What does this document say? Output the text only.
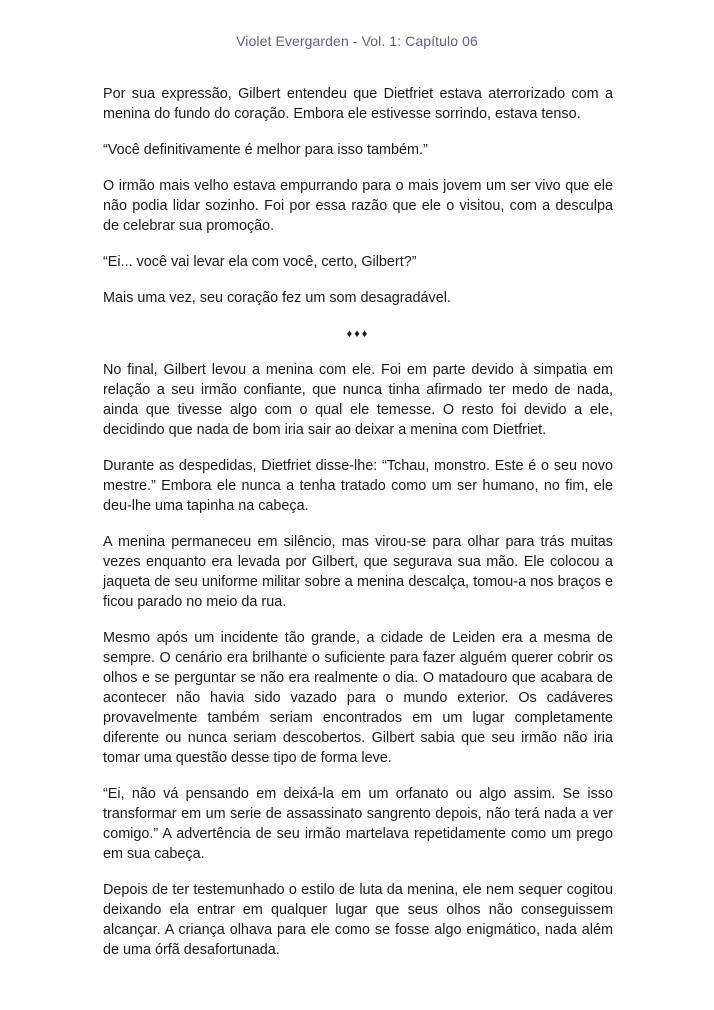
Violet Evergarden - Vol. 1: Capítulo 06

Por sua expressão, Gilbert entendeu que Dietfriet estava aterrorizado com a menina do fundo do coração. Embora ele estivesse sorrindo, estava tenso.

“Você definitivamente é melhor para isso também.”

O irmão mais velho estava empurrando para o mais jovem um ser vivo que ele não podia lidar sozinho. Foi por essa razão que ele o visitou, com a desculpa de celebrar sua promoção.

“Ei... você vai levar ela com você, certo, Gilbert?”

Mais uma vez, seu coração fez um som desagradável.

♦♦♦

No final, Gilbert levou a menina com ele. Foi em parte devido à simpatia em relação a seu irmão confiante, que nunca tinha afirmado ter medo de nada, ainda que tivesse algo com o qual ele temesse. O resto foi devido a ele, decidindo que nada de bom iria sair ao deixar a menina com Dietfriet.

Durante as despedidas, Dietfriet disse-lhe: “Tchau, monstro. Este é o seu novo mestre.” Embora ele nunca a tenha tratado como um ser humano, no fim, ele deu-lhe uma tapinha na cabeça.

A menina permaneceu em silêncio, mas virou-se para olhar para trás muitas vezes enquanto era levada por Gilbert, que segurava sua mão. Ele colocou a jaqueta de seu uniforme militar sobre a menina descalça, tomou-a nos braços e ficou parado no meio da rua.

Mesmo após um incidente tão grande, a cidade de Leiden era a mesma de sempre. O cenário era brilhante o suficiente para fazer alguém querer cobrir os olhos e se perguntar se não era realmente o dia. O matadouro que acabara de acontecer não havia sido vazado para o mundo exterior. Os cadáveres provavelmente também seriam encontrados em um lugar completamente diferente ou nunca seriam descobertos. Gilbert sabia que seu irmão não iria tomar uma questão desse tipo de forma leve.

“Ei, não vá pensando em deixá-la em um orfanato ou algo assim. Se isso transformar em um serie de assassinato sangrento depois, não terá nada a ver comigo.” A advertência de seu irmão martelava repetidamente como um prego em sua cabeça.

Depois de ter testemunhado o estilo de luta da menina, ele nem sequer cogitou deixando ela entrar em qualquer lugar que seus olhos não conseguissem alcançar. A criança olhava para ele como se fosse algo enigmático, nada além de uma órfã desafortunada.
